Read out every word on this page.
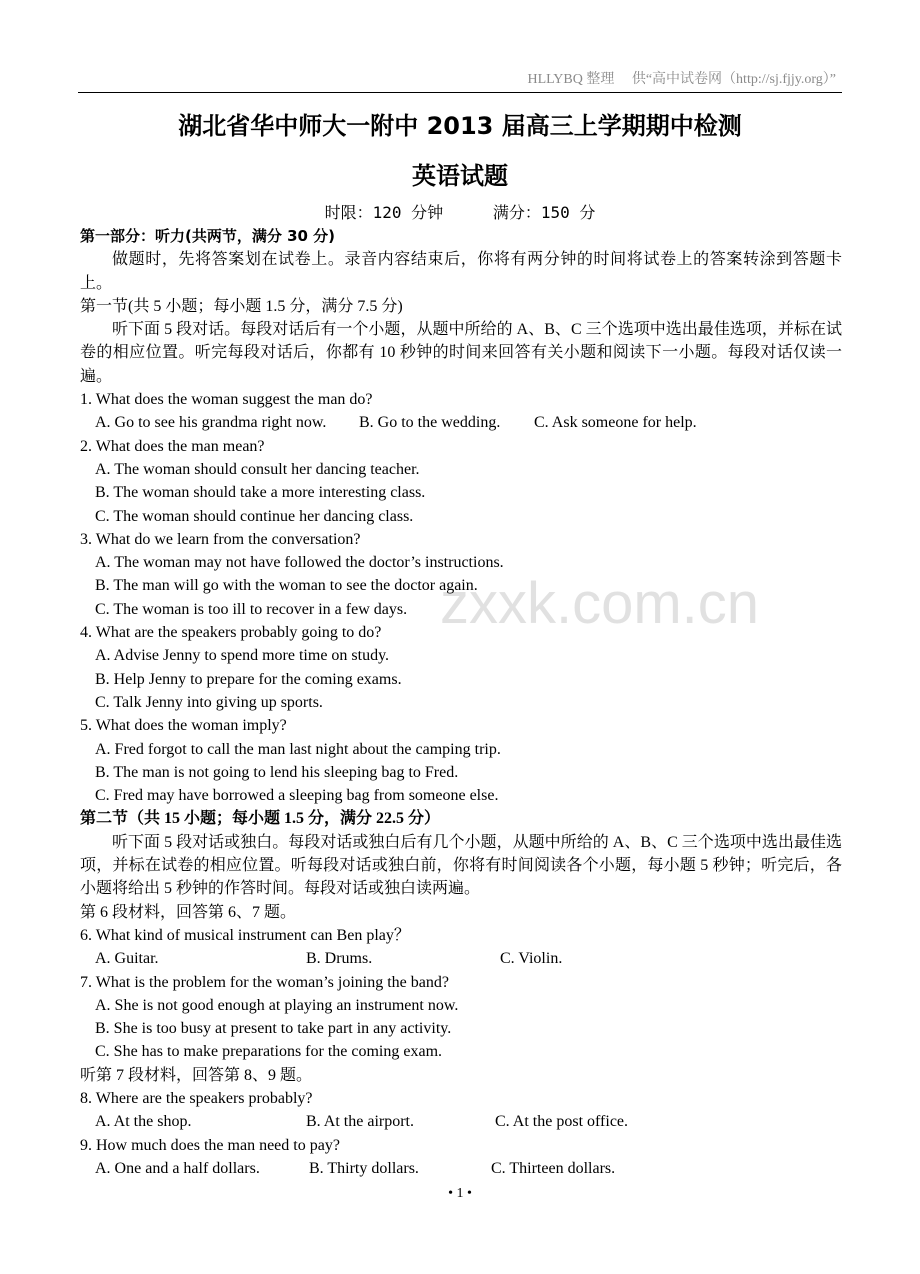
HLLYBQ 整理　 供“高中试卷网（http://sj.fjjy.org）”
湖北省华中师大一附中 2013 届高三上学期期中检测
英语试题
时限：120 分钟	满分：150 分
zxxk.com.cn
第一部分：听力(共两节，满分 30 分)
做题时，先将答案划在试卷上。录音内容结束后，你将有两分钟的时间将试卷上的答案转涂到答题卡上。
第一节(共 5 小题；每小题 1.5 分，满分 7.5 分)
听下面 5 段对话。每段对话后有一个小题，从题中所给的 A、B、C 三个选项中选出最佳选项，并标在试卷的相应位置。听完每段对话后，你都有 10 秒钟的时间来回答有关小题和阅读下一小题。每段对话仅读一遍。
1. What does the woman suggest the man do?
A. Go to see his grandma right now.	B. Go to the wedding.	C. Ask someone for help.
2. What does the man mean?
A. The woman should consult her dancing teacher.
B. The woman should take a more interesting class.
C. The woman should continue her dancing class.
3. What do we learn from the conversation?
A. The woman may not have followed the doctor’s instructions.
B. The man will go with the woman to see the doctor again.
C. The woman is too ill to recover in a few days.
4. What are the speakers probably going to do?
A. Advise Jenny to spend more time on study.
B. Help Jenny to prepare for the coming exams.
C. Talk Jenny into giving up sports.
5. What does the woman imply?
A. Fred forgot to call the man last night about the camping trip.
B. The man is not going to lend his sleeping bag to Fred.
C. Fred may have borrowed a sleeping bag from someone else.
第二节（共 15 小题；每小题 1.5 分，满分 22.5 分）
听下面 5 段对话或独白。每段对话或独白后有几个小题，从题中所给的 A、B、C 三个选项中选出最佳选项，并标在试卷的相应位置。听每段对话或独白前，你将有时间阅读各个小题，每小题 5 秒钟；听完后，各小题将给出 5 秒钟的作答时间。每段对话或独白读两遍。
第 6 段材料，回答第 6、7 题。
6. What kind of musical instrument can Ben play？
A. Guitar.	B. Drums.	C. Violin.
7. What is the problem for the woman’s joining the band?
A. She is not good enough at playing an instrument now.
B. She is too busy at present to take part in any activity.
C. She has to make preparations for the coming exam.
听第 7 段材料，回答第 8、9 题。
8. Where are the speakers probably?
A. At the shop.	B. At the airport.	C. At the post office.
9. How much does the man need to pay?
A. One and a half dollars.	B. Thirty dollars.	C. Thirteen dollars.
• 1 •
